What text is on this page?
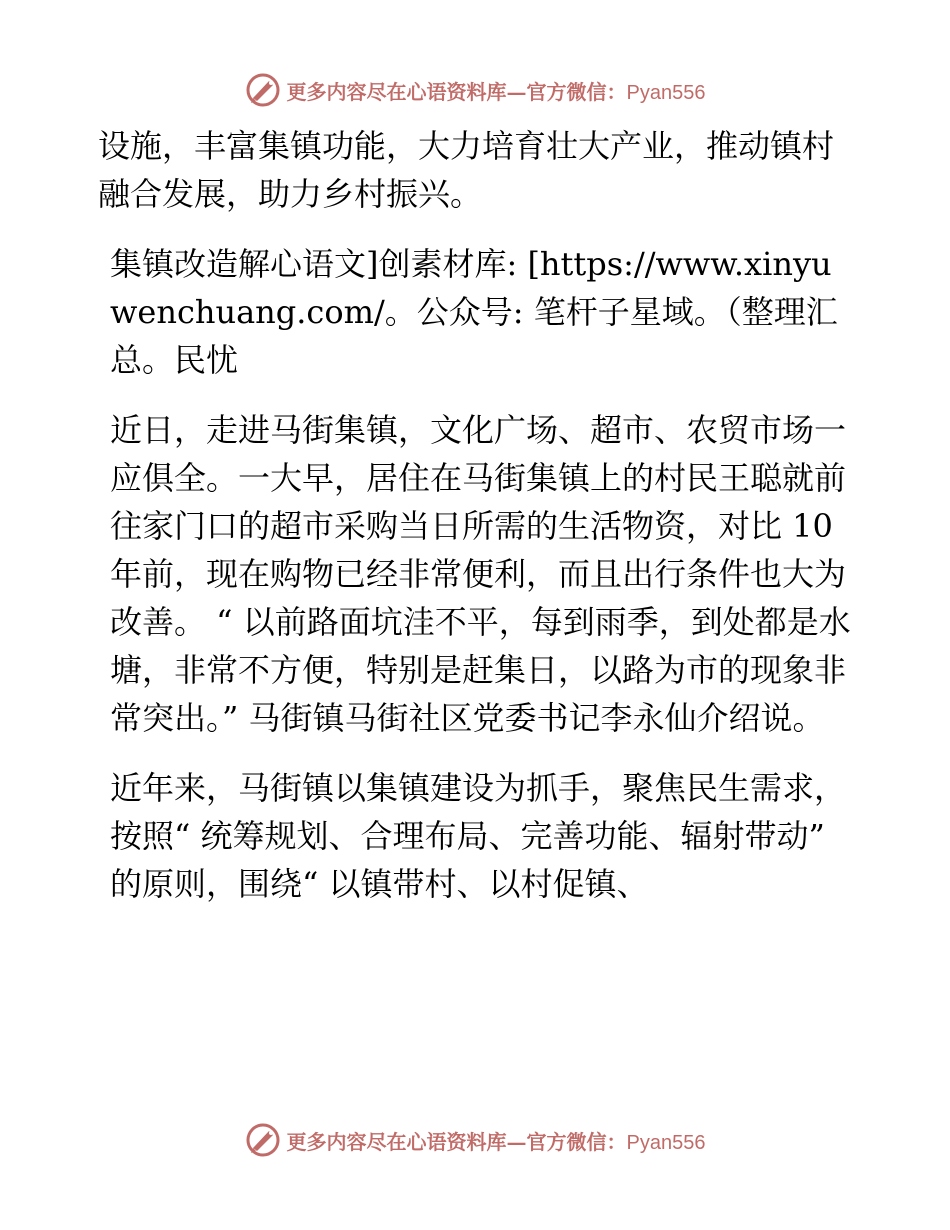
更多内容尽在心语资料库—官方微信：Pyan556

设施，丰富集镇功能，大力培育壮大产业，推动镇村融合发展，助力乡村振兴。

集镇改造解心语文]创素材库: [https://www.xinyuwenchuang.com/。公众号: 笔杆子星域。（整理汇总。民忧

近日，走进马街集镇，文化广场、超市、农贸市场一应俱全。一大早，居住在马街集镇上的村民王聪就前往家门口的超市采购当日所需的生活物资，对比 10 年前，现在购物已经非常便利，而且出行条件也大为改善。 “ 以前路面坑洼不平，每到雨季，到处都是水塘，非常不方便，特别是赶集日，以路为市的现象非常突出。” 马街镇马街社区党委书记李永仙介绍说。

近年来，马街镇以集镇建设为抓手，聚焦民生需求，按照“ 统筹规划、合理布局、完善功能、辐射带动” 的原则，围绕“ 以镇带村、以村促镇、

更多内容尽在心语资料库—官方微信：Pyan556
